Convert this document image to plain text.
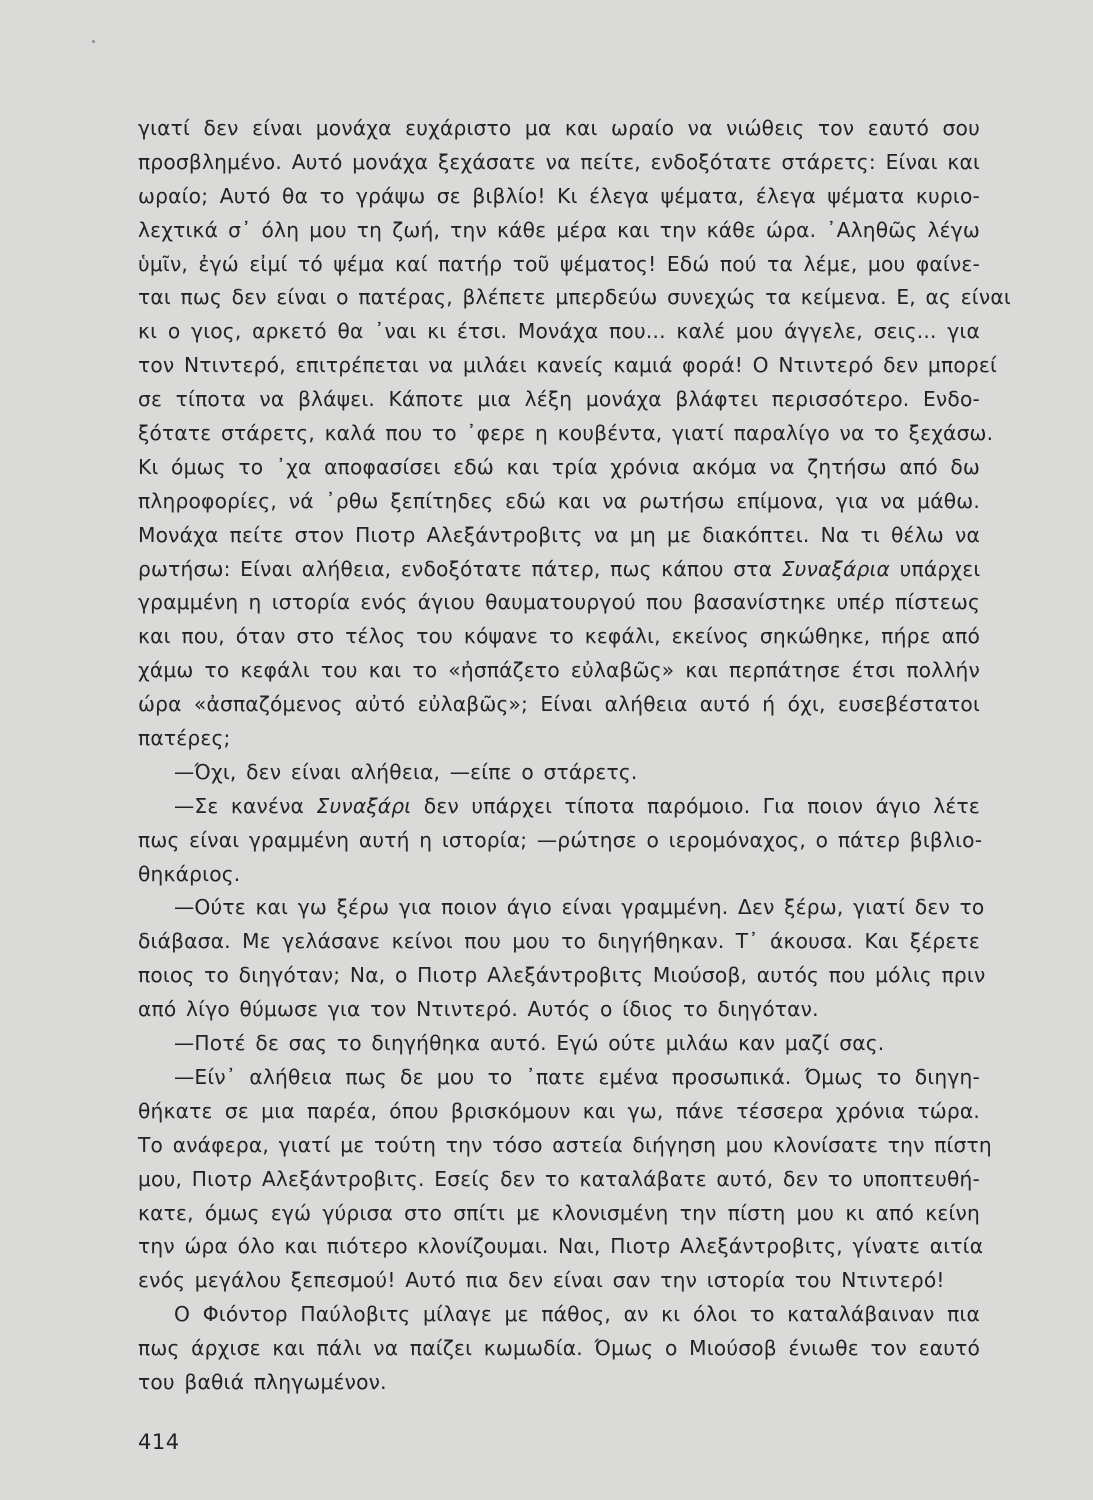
γιατί δεν είναι μονάχα ευχάριστο μα και ωραίο να νιώθεις τον εαυτό σου
προσβλημένο. Αυτό μονάχα ξεχάσατε να πείτε, ενδοξότατε στάρετς: Είναι και
ωραίο; Αυτό θα το γράψω σε βιβλίο! Κι έλεγα ψέματα, έλεγα ψέματα κυριο-
λεχτικά σ᾽ όλη μου τη ζωή, την κάθε μέρα και την κάθε ώρα. ᾽Αληθῶς λέγω
ὑμῖν, ἐγώ εἰμί τό ψέμα καί πατήρ τοῦ ψέματος! Εδώ πού τα λέμε, μου φαίνε-
ται πως δεν είναι ο πατέρας, βλέπετε μπερδεύω συνεχώς τα κείμενα. Ε, ας είναι
κι ο γιος, αρκετό θα ᾽ναι κι έτσι. Μονάχα που... καλέ μου άγγελε, σεις... για
τον Ντιντερό, επιτρέπεται να μιλάει κανείς καμιά φορά! Ο Ντιντερό δεν μπορεί
σε τίποτα να βλάψει. Κάποτε μια λέξη μονάχα βλάφτει περισσότερο. Ενδο-
ξότατε στάρετς, καλά που το ᾽φερε η κουβέντα, γιατί παραλίγο να το ξεχάσω.
Κι όμως το ᾽χα αποφασίσει εδώ και τρία χρόνια ακόμα να ζητήσω από δω
πληροφορίες, νά ᾽ρθω ξεπίτηδες εδώ και να ρωτήσω επίμονα, για να μάθω.
Μονάχα πείτε στον Πιοτρ Αλεξάντροβιτς να μη με διακόπτει. Να τι θέλω να
ρωτήσω: Είναι αλήθεια, ενδοξότατε πάτερ, πως κάπου στα Συναξάρια υπάρχει
γραμμένη η ιστορία ενός άγιου θαυματουργού που βασανίστηκε υπέρ πίστεως
και που, όταν στο τέλος του κόψανε το κεφάλι, εκείνος σηκώθηκε, πήρε από
χάμω το κεφάλι του και το «ἠσπάζετο εὐλαβῶς» και περπάτησε έτσι πολλήν
ώρα «ἀσπαζόμενος αὐτό εὐλαβῶς»; Είναι αλήθεια αυτό ή όχι, ευσεβέστατοι
πατέρες;
—Όχι, δεν είναι αλήθεια, —είπε ο στάρετς.
—Σε κανένα Συναξάρι δεν υπάρχει τίποτα παρόμοιο. Για ποιον άγιο λέτε
πως είναι γραμμένη αυτή η ιστορία; —ρώτησε ο ιερομόναχος, ο πάτερ βιβλιο-
θηκάριος.
—Ούτε και γω ξέρω για ποιον άγιο είναι γραμμένη. Δεν ξέρω, γιατί δεν το
διάβασα. Με γελάσανε κείνοι που μου το διηγήθηκαν. Τ᾽ άκουσα. Και ξέρετε
ποιος το διηγόταν; Να, ο Πιοτρ Αλεξάντροβιτς Μιούσοβ, αυτός που μόλις πριν
από λίγο θύμωσε για τον Ντιντερό. Αυτός ο ίδιος το διηγόταν.
—Ποτέ δε σας το διηγήθηκα αυτό. Εγώ ούτε μιλάω καν μαζί σας.
—Είν᾽ αλήθεια πως δε μου το ᾽πατε εμένα προσωπικά. Όμως το διηγη-
θήκατε σε μια παρέα, όπου βρισκόμουν και γω, πάνε τέσσερα χρόνια τώρα.
Το ανάφερα, γιατί με τούτη την τόσο αστεία διήγηση μου κλονίσατε την πίστη
μου, Πιοτρ Αλεξάντροβιτς. Εσείς δεν το καταλάβατε αυτό, δεν το υποπτευθή-
κατε, όμως εγώ γύρισα στο σπίτι με κλονισμένη την πίστη μου κι από κείνη
την ώρα όλο και πιότερο κλονίζουμαι. Ναι, Πιοτρ Αλεξάντροβιτς, γίνατε αιτία
ενός μεγάλου ξεπεσμού! Αυτό πια δεν είναι σαν την ιστορία του Ντιντερό!
Ο Φιόντορ Παύλοβιτς μίλαγε με πάθος, αν κι όλοι το καταλάβαιναν πια
πως άρχισε και πάλι να παίζει κωμωδία. Όμως ο Μιούσοβ ένιωθε τον εαυτό
του βαθιά πληγωμένον.
414
